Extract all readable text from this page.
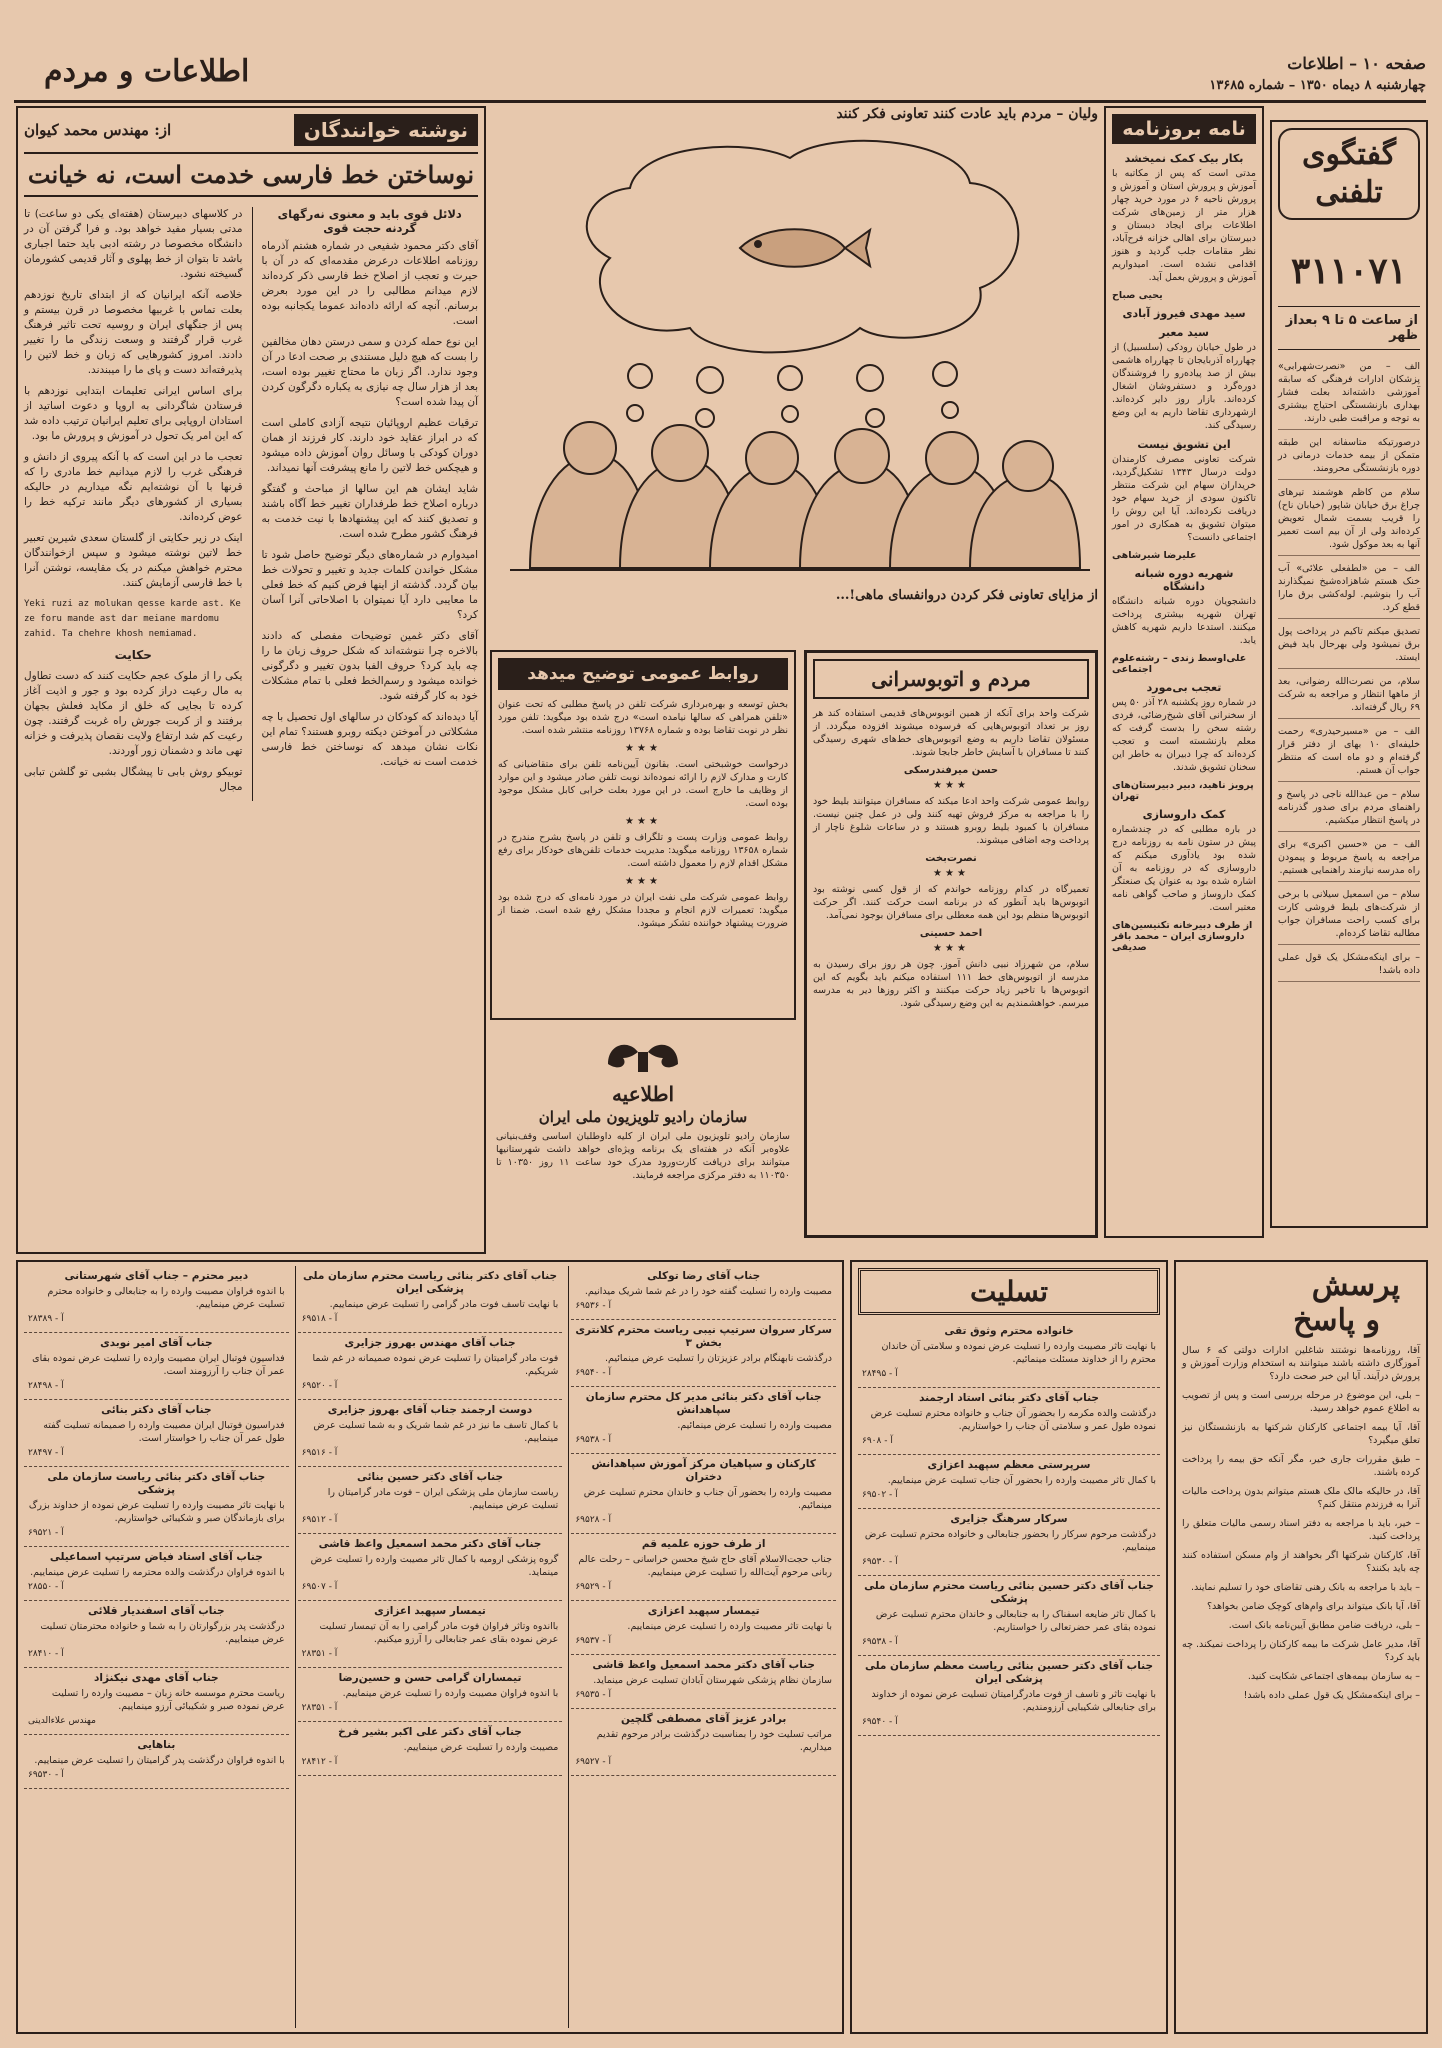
صفحه ۱۰ – اطلاعات
چهارشنبه ۸ دیماه ۱۳۵۰ – شماره ۱۳۶۸۵
اطلاعات و مردم
گفتگوی
تلفنی
۳۱۱۰۷۱
از ساعت ۵ تا ۹ بعداز ظهر

الف – من «نصرت‌شهرابی» پزشکان ادارات فرهنگی که سابقه آموزشی داشته‌اند بعلت فشار بهداری بازنشستگی احتیاج بیشتری به توجه و مراقبت طبی دارند.

درصورتیکه متاسفانه این طبقه متمکن از بیمه خدمات درمانی در دوره بازنشستگی محرومند.

سلام من کاظم هوشمند تیرهای چراغ برق خیابان شاپور (خیابان ناح) را قریب بسمت شمال تعویض کرده‌اند ولی از آن بیم است تعمیر آنها به بعد موکول شود.

الف – من «لطفعلی علائی» آب خنک هستم شاهزاده‌شیخ نمیگذارند آب را بنوشیم. لوله‌کشی برق مارا قطع کرد.

تصدیق میکنم تاکیم در پرداخت پول برق نمیشود ولی بهرحال باید فیض ایستد.

سلام، من نصرت‌الله رضوانی، بعد از ماهها انتظار و مراجعه به شرکت ۶۹ ریال گرفته‌اند.

الف – من «مسیرحیدری» رحمت خلیفه‌ای ۱۰ بهای از دفتر قرار گرفته‌ام و دو ماه است که منتظر جواب آن هستم.

سلام – من عبدالله ناجی در پاسخ و راهنمای مردم برای صدور گذرنامه در پاسخ انتظار میکشیم.

الف – من «حسین اکبری» برای مراجعه به پاسخ مربوط و پیمودن راه مدرسه نیازمند راهنمایی هستیم.

سلام – من اسمعیل سیلانی با برخی از شرکت‌های بلیط فروشی کارت برای کسب راحت مسافران جواب مطالبه تقاضا کرده‌ام.

– برای اینکه‌مشکل یک قول عملی داده باشد!

نامه بروزنامه
بکار بیک کمک نمیخشد

مدتی است که پس از مکاتبه با آموزش و پرورش استان و آموزش و پرورش ناحیه ۶ در مورد خرید چهار هزار متر از زمین‌های شرکت اطلاعات برای ایجاد دبستان و دبیرستان برای اهالی خزانه فرح‌آباد، نظر مقامات جلب گردید و هنوز اقدامی نشده است. امیدواریم آموزش و پرورش بعمل آید.

یحیی صباح
سید مهدی فیروز آبادی
سید معبر

در طول خیابان رودکی (سلسبیل) از چهارراه آذربایجان تا چهارراه هاشمی بیش از صد پیاده‌رو را فروشندگان دوره‌گرد و دستفروشان اشغال کرده‌اند. بازار روز دایر کرده‌اند. ازشهرداری تقاضا داریم به این وضع رسیدگی کند.

این تشویق نیست

شرکت تعاونی مصرف کارمندان دولت درسال ۱۳۴۳ تشکیل‌گردید، خریداران سهام این شرکت منتظر تاکنون سودی از خرید سهام خود دریافت نکرده‌اند. آیا این روش را میتوان تشویق به همکاری در امور اجتماعی دانست؟

علیرضا شیرشاهی
شهریه دوره شبانه دانشگاه

دانشجویان دوره شبانه دانشگاه تهران شهریه بیشتری پرداخت میکنند. استدعا داریم شهریه کاهش یابد.

علی‌اوسط زندی – رشته‌علوم اجتماعی
تعجب بی‌مورد

در شماره روز یکشنبه ۲۸ آذر ۵۰ پس از سخنرانی آقای شیخ‌رضائی، فردی رشته سخن را بدست گرفت که معلم بازنشسته است و تعجب کرده‌اند که چرا دبیران به خاطر این سخنان تشویق شدند.

پرویز ناهید، دبیر دبیرستان‌های تهران
کمک داروسازی

در باره مطلبی که در چندشماره پیش در ستون نامه به روزنامه درج شده بود یادآوری میکنم که داروسازی که در روزنامه به آن اشاره شده بود به عنوان یک صنعتگر کمک داروساز و صاحب گواهی نامه معتبر است.

از طرف دبیرخانه تکنیسین‌های داروسازی ایران – محمد باقر صدیقی
ولیان – مردم باید عادت کنند تعاونی فکر کنند
از مزایای تعاونی فکر کردن دروانفسای ماهی!...
نوشته خوانندگان
از: مهندس محمد کیوان
نوساختن خط فارسی خدمت است، نه خیانت
دلائل قوی باید و معنوی نه‌رگهای گردنه حجت قوی

آقای دکتر محمود شفیعی در شماره هشتم آذرماه روزنامه اطلاعات درعرض مقدمه‌ای که در آن با حیرت و تعجب از اصلاح خط فارسی ذکر کرده‌اند لازم میدانم مطالبی را در این مورد بعرض برسانم. آنچه که ارائه داده‌اند عموما یکجانبه بوده است.

این نوع حمله کردن و سمی درستن دهان مخالفین را بست که هیچ دلیل مستندی بر صحت ادعا در آن وجود ندارد. اگر زبان ما محتاج تغییر بوده است، بعد از هزار سال چه نیازی به یکباره دگرگون کردن آن پیدا شده است؟

ترقیات عظیم اروپائیان نتیجه آزادی کاملی است که در ابراز عقاید خود دارند. کار فرزند از همان دوران کودکی با وسائل روان آموزش داده میشود و هیچکس خط لاتین را مانع پیشرفت آنها نمیداند.

شاید ایشان هم این سالها از مباحث و گفتگو درباره اصلاح خط طرفداران تغییر خط آگاه باشند و تصدیق کنند که این پیشنهادها با نیت خدمت به فرهنگ کشور مطرح شده است.

امیدوارم در شماره‌های دیگر توضیح حاصل شود تا مشکل خواندن کلمات جدید و تغییر و تحولات خط بیان گردد. گذشته از اینها فرض کنیم که خط فعلی ما معایبی دارد آیا نمیتوان با اصلاحاتی آنرا آسان کرد؟

آقای دکتر غمین توضیحات مفصلی که دادند بالاخره چرا ننوشته‌اند که شکل حروف زبان ما را چه باید کرد؟ حروف الفبا بدون تغییر و دگرگونی خوانده میشود و رسم‌الخط فعلی با تمام مشکلات خود به کار گرفته شود.

آیا دیده‌اند که کودکان در سالهای اول تحصیل با چه مشکلاتی در آموختن دیکته روبرو هستند؟ تمام این نکات نشان میدهد که نوساختن خط فارسی خدمت است نه خیانت.

در کلاسهای دبیرستان (هفته‌ای یکی دو ساعت) تا مدتی بسیار مفید خواهد بود. و فرا گرفتن آن در دانشگاه مخصوصا در رشته ادبی باید حتما اجباری باشد تا بتوان از خط پهلوی و آثار قدیمی کشورمان گسیخته نشود.

خلاصه آنکه ایرانیان که از ابتدای تاریخ نوزدهم بعلت تماس با غربیها مخصوصا در قرن بیستم و پس از جنگهای ایران و روسیه تحت تاثیر فرهنگ غرب قرار گرفتند و وسعت زندگی ما را تغییر دادند. امروز کشورهایی که زبان و خط لاتین را پذیرفته‌اند دست و پای ما را میبندند.

برای اساس ایرانی تعلیمات ابتدایی نوزدهم با فرستادن شاگردانی به اروپا و دعوت اساتید از استادان اروپایی برای تعلیم ایرانیان ترتیب داده شد که این امر یک تحول در آموزش و پرورش ما بود.

تعجب ما در این است که با آنکه پیروی از دانش و فرهنگی غرب را لازم میدانیم خط مادری را که قرنها با آن نوشته‌ایم نگه میداریم در حالیکه بسیاری از کشورهای دیگر مانند ترکیه خط را عوض کرده‌اند.

اینک در زیر حکایتی از گلستان سعدی شیرین تعبیر خط لاتین نوشته میشود و سپس ازخوانندگان محترم خواهش میکنم در یک مقایسه، نوشتن آنرا با خط فارسی آزمایش کنند.

Yeki ruzi az molukan qesse karde ast. Ke ze foru mande ast dar meiane mardomu zahid. Ta chehre khosh nemiamad.

حکایت

یکی را از ملوک عجم حکایت کنند که دست تطاول به مال رعیت دراز کرده بود و جور و اذیت آغاز کرده تا بجایی که خلق از مکاید فعلش بجهان برفتند و از کربت جورش راه غربت گرفتند. چون رعیت کم شد ارتفاع ولایت نقصان پذیرفت و خزانه تهی ماند و دشمنان زور آوردند.

توبیکو روش بابی تا پیشگال بشبی تو گلشن تبابی مجال

روابط عمومی توضیح میدهد

بخش توسعه و بهره‌برداری شرکت تلفن در پاسخ مطلبی که تحت عنوان «تلفن همراهی که سالها نیامده است» درج شده بود میگوید: تلفن مورد نظر در نوبت تقاضا بوده و شماره ۱۳۷۶۸ روزنامه منتشر شده است.

★★★

درخواست خوشبختی است. بقانون آیین‌نامه تلفن برای متقاضیانی که کارت و مدارک لازم را ارائه نموده‌اند نوبت تلفن صادر میشود و این موارد از وظایف ما خارج است. در این مورد بعلت خرابی کابل مشکل موجود بوده است.

★★★

روابط عمومی وزارت پست و تلگراف و تلفن در پاسخ بشرح مندرج در شماره ۱۳۶۵۸ روزنامه میگوید: مدیریت خدمات تلفن‌های خودکار برای رفع مشکل اقدام لازم را معمول داشته است.

★★★

روابط عمومی شرکت ملی نفت ایران در مورد نامه‌ای که درج شده بود میگوید: تعمیرات لازم انجام و مجددا مشکل رفع شده است. ضمنا از ضرورت پیشنهاد خواننده تشکر میشود.

مردم و اتوبوسرانی

شرکت واحد برای آنکه از همین اتوبوس‌های قدیمی استفاده کند هر روز بر تعداد اتوبوس‌هایی که فرسوده میشوند افزوده میگردد. از مسئولان تقاضا داریم به وضع اتوبوس‌های خط‌های شهری رسیدگی کنند تا مسافران با آسایش خاطر جابجا شوند.

حسن میرفندرسکی
★★★

روابط عمومی شرکت واحد ادعا میکند که مسافران میتوانند بلیط خود را با مراجعه به مرکز فروش تهیه کنند ولی در عمل چنین نیست. مسافران با کمبود بلیط روبرو هستند و در ساعات شلوغ ناچار از پرداخت وجه اضافی میشوند.

نصرت‌بخت
★★★

تعمیرگاه در کدام روزنامه خواندم که از قول کسی نوشته بود اتوبوس‌ها باید آنطور که در برنامه است حرکت کنند. اگر حرکت اتوبوس‌ها منظم بود این همه معطلی برای مسافران بوجود نمی‌آمد.

احمد حسینی
★★★

سلام، من شهرزاد نبیی دانش آموز. چون هر روز برای رسیدن به مدرسه از اتوبوس‌های خط ۱۱۱ استفاده میکنم باید بگویم که این اتوبوس‌ها با تاخیر زیاد حرکت میکنند و اکثر روزها دیر به مدرسه میرسم. خواهشمندیم به این وضع رسیدگی شود.

اطلاعیه
سازمان رادیو تلویزیون ملی ایران
سازمان رادیو تلویزیون ملی ایران از کلیه داوطلبان اساسی وقف‌بنیانی علاوه‌بر آنکه در هفته‌ای یک برنامه ویژه‌ای خواهد داشت شهرستانیها میتوانند برای دریافت کارت‌ورود مدرک خود ساعت ۱۱ روز ۱۰۳۵۰ تا ۱۱۰۳۵۰ به دفتر مرکزی مراجعه فرمایند.
پرسش
و پاسخ

آقا، روزنامه‌ها نوشتند شاغلین ادارات دولتی که ۶ سال آموزگاری داشته باشند میتوانند به استخدام وزارت آموزش و پرورش درآیند. آیا این خبر صحت دارد؟

– بلی، این موضوع در مرحله بررسی است و پس از تصویب به اطلاع عموم خواهد رسید.

آقا، آیا بیمه اجتماعی کارکنان شرکتها به بازنشستگان نیز تعلق میگیرد؟

– طبق مقررات جاری خیر، مگر آنکه حق بیمه را پرداخت کرده باشند.

آقا، در حالیکه مالک ملک هستم میتوانم بدون پرداخت مالیات آنرا به فرزندم منتقل کنم؟

– خیر، باید با مراجعه به دفتر اسناد رسمی مالیات متعلق را پرداخت کنید.

آقا، کارکنان شرکتها اگر بخواهند از وام مسکن استفاده کنند چه باید بکنند؟

– باید با مراجعه به بانک رهنی تقاضای خود را تسلیم نمایند.

آقا، آیا بانک میتواند برای وام‌های کوچک ضامن بخواهد؟

– بلی، دریافت ضامن مطابق آیین‌نامه بانک است.

آقا، مدیر عامل شرکت ما بیمه کارکنان را پرداخت نمیکند. چه باید کرد؟

– به سازمان بیمه‌های اجتماعی شکایت کنید.

– برای اینکه‌مشکل یک قول عملی داده باشد!

تسلیت
خانواده محترم وثوق تقی
با نهایت تاثر مصیبت وارده را تسلیت عرض نموده و سلامتی آن خاندان محترم را از خداوند مسئلت مینمائیم.
آ - ۲۸۴۹۵
جناب آقای دکتر بنائی استاد ارجمند
درگذشت والده مکرمه را بحضور آن جناب و خانواده محترم تسلیت عرض نموده طول عمر و سلامتی آن جناب را خواستاریم.
آ - ۶۹۰۸
سرپرستی معظم سپهبد اعزازی
با کمال تاثر مصیبت وارده را بحضور آن جناب تسلیت عرض مینماییم.
آ - ۶۹۵۰۲
سرکار سرهنگ جزایری
درگذشت مرحوم سرکار را بحضور جنابعالی و خانواده محترم تسلیت عرض مینماییم.
آ - ۶۹۵۳۰
جناب آقای دکتر حسین بنائی ریاست محترم سازمان ملی پزشکی
با کمال تاثر ضایعه اسفناک را به جنابعالی و خاندان محترم تسلیت عرض نموده بقای عمر حضرتعالی را خواستاریم.
آ - ۶۹۵۳۸
جناب آقای دکتر حسین بنائی ریاست معظم سازمان ملی پزشکی ایران
با نهایت تاثر و تاسف از فوت مادرگرامیتان تسلیت عرض نموده از خداوند برای جنابعالی شکیبایی آرزومندیم.
آ - ۶۹۵۴۰
جناب آقای رضا توکلی
مصیبت وارده را تسلیت گفته خود را در غم شما شریک میدانیم.
آ - ۶۹۵۳۶
سرکار سروان سرتیپ نیبی ریاست محترم کلانتری بخش ۳
درگذشت نابهنگام برادر عزیزتان را تسلیت عرض مینمائیم.
آ - ۶۹۵۴۰
جناب آقای دکتر بنائی مدیر کل محترم سازمان سپاهدانش
مصیبت وارده را تسلیت عرض مینمائیم.
آ - ۶۹۵۳۸
کارکنان و سپاهیان مرکز آموزش سپاهدانش دختران
مصیبت وارده را بحضور آن جناب و خاندان محترم تسلیت عرض مینمائیم.
آ - ۶۹۵۲۸
از طرف حوزه علمیه قم
جناب حجت‌الاسلام آقای حاج شیخ محسن خراسانی – رحلت عالم ربانی مرحوم آیت‌الله را تسلیت عرض مینماییم.
آ - ۶۹۵۲۹
تیمسار سپهبد اعزازی
با نهایت تاثر مصیبت وارده را تسلیت عرض مینماییم.
آ - ۶۹۵۳۷
جناب آقای دکتر محمد اسمعیل واعظ قاشی
سازمان نظام پزشکی شهرستان آبادان تسلیت عرض مینماید.
آ - ۶۹۵۳۵
برادر عزیز آقای مصطفی گلچین
مراتب تسلیت خود را بمناسبت درگذشت برادر مرحوم تقدیم میداریم.
آ - ۶۹۵۲۷
جناب آقای دکتر بنائی ریاست محترم سازمان ملی پزشکی ایران
با نهایت تاسف فوت مادر گرامی را تسلیت عرض مینماییم.
آ - ۶۹۵۱۸
جناب آقای مهندس بهروز جزایری
فوت مادر گرامیتان را تسلیت عرض نموده صمیمانه در غم شما شریکیم.
آ - ۶۹۵۲۰
دوست ارجمند جناب آقای بهروز جزایری
با کمال تاسف ما نیز در غم شما شریک و به شما تسلیت عرض مینماییم.
آ - ۶۹۵۱۶
جناب آقای دکتر حسین بنائی
ریاست سازمان ملی پزشکی ایران – فوت مادر گرامیتان را تسلیت عرض مینماییم.
آ - ۶۹۵۱۲
جناب آقای دکتر محمد اسمعیل واعظ قاشی
گروه پزشکی ارومیه با کمال تاثر مصیبت وارده را تسلیت عرض مینماید.
آ - ۶۹۵۰۷
تیمسار سپهبد اعزازی
بااندوه وتاثر فراوان فوت مادر گرامی را به آن تیمسار تسلیت عرض نموده بقای عمر جنابعالی را آرزو میکنیم.
آ - ۲۸۳۵۱
تیمساران گرامی حسن و حسین‌رضا
با اندوه فراوان مصیبت وارده را تسلیت عرض مینماییم.
آ - ۲۸۳۵۱
جناب آقای دکتر علی اکبر بشیر فرخ
مصیبت وارده را تسلیت عرض مینماییم.
آ - ۲۸۴۱۲
دبیر محترم – جناب آقای شهرستانی
با اندوه فراوان مصیبت وارده را به جنابعالی و خانواده محترم تسلیت عرض مینماییم.
آ - ۲۸۳۸۹
جناب آقای امیر نوبدی
فداسیون فوتبال ایران مصیبت وارده را تسلیت عرض نموده بقای عمر آن جناب را آرزومند است.
آ - ۲۸۴۹۸
جناب آقای دکتر بنائی
فدراسیون فوتبال ایران مصیبت وارده را صمیمانه تسلیت گفته طول عمر آن جناب را خواستار است.
آ - ۲۸۴۹۷
جناب آقای دکتر بنائی ریاست سازمان ملی پزشکی
با نهایت تاثر مصیبت وارده را تسلیت عرض نموده از خداوند بزرگ برای بازماندگان صبر و شکیبائی خواستاریم.
آ - ۶۹۵۲۱
جناب آقای استاد فیاض سرتیپ اسماعیلی
با اندوه فراوان درگذشت والده محترمه را تسلیت عرض مینماییم.
آ - ۲۸۵۵۰
جناب آقای اسفندیار قلائی
درگذشت پدر بزرگوارتان را به شما و خانواده محترمتان تسلیت عرض مینماییم.
آ - ۲۸۴۱۰
جناب آقای مهدی نیکنژاد
ریاست محترم موسسه خانه زبان – مصیبت وارده را تسلیت عرض نموده صبر و شکیبائی آرزو مینماییم.
مهندس علاءالدینی
بناهایی
با اندوه فراوان درگذشت پدر گرامیتان را تسلیت عرض مینماییم.
آ - ۶۹۵۳۰
